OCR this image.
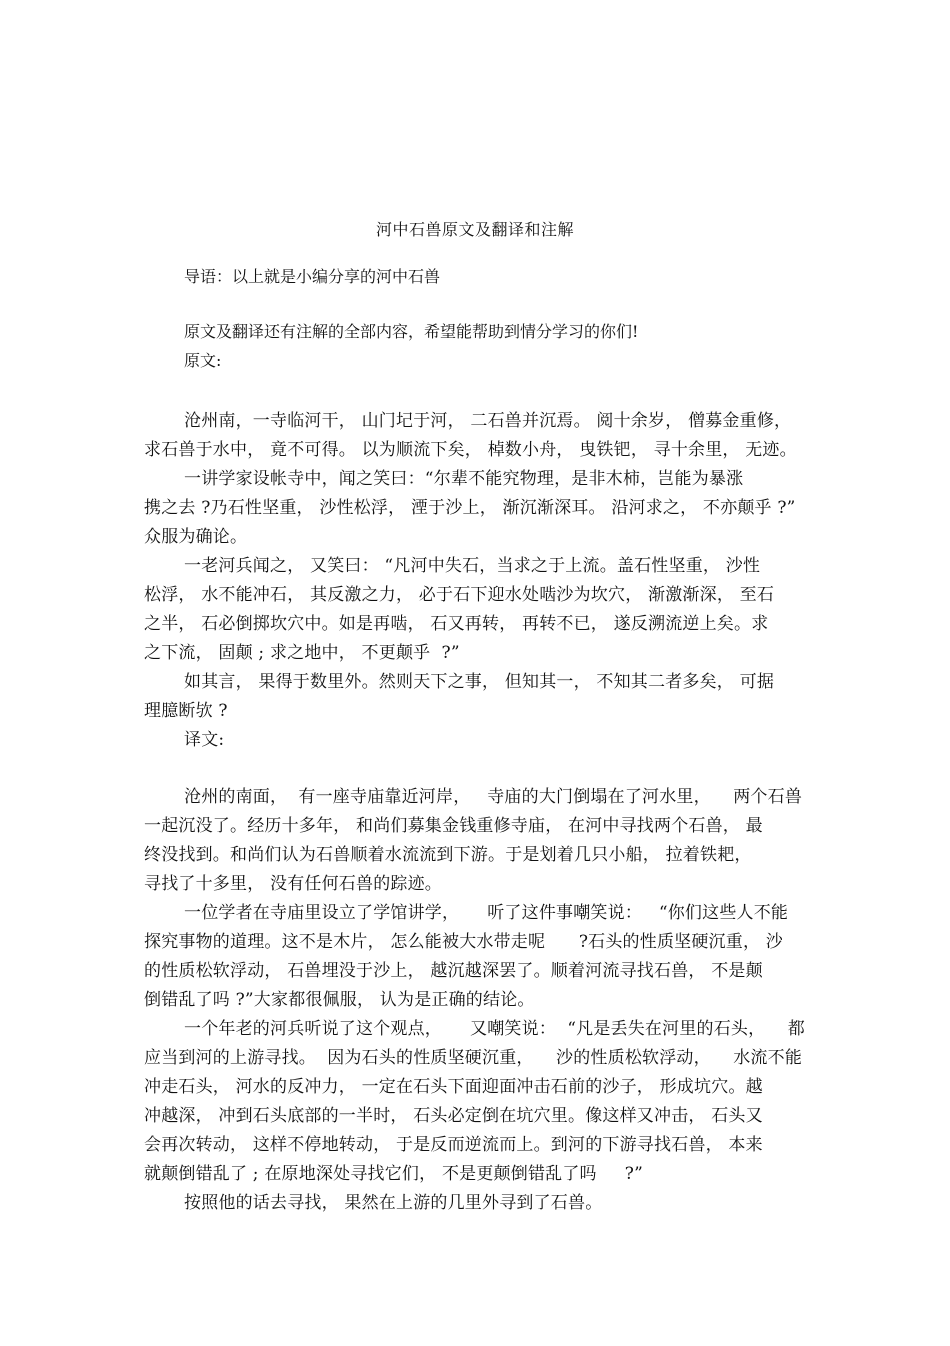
河中石兽原文及翻译和注解
导语：以上就是小编分享的河中石兽
原文及翻译还有注解的全部内容，希望能帮助到情分学习的你们!
原文:
沧州南，一寺临河干， 山门圮于河， 二石兽并沉焉。 阅十余岁， 僧募金重修，
求石兽于水中， 竟不可得。 以为顺流下矣， 棹数小舟， 曳铁钯， 寻十余里， 无迹。
一讲学家设帐寺中，闻之笑曰：“尔辈不能究物理，是非木柿，岂能为暴涨
携之去 ?乃石性坚重， 沙性松浮， 湮于沙上， 渐沉渐深耳。 沿河求之， 不亦颠乎 ?”
众服为确论。
一老河兵闻之， 又笑曰： “凡河中失石，当求之于上流。盖石性坚重， 沙性
松浮， 水不能冲石， 其反激之力， 必于石下迎水处啮沙为坎穴， 渐激渐深， 至石
之半， 石必倒掷坎穴中。如是再啮， 石又再转， 再转不已， 遂反溯流逆上矣。求
之下流， 固颠 ; 求之地中， 不更颠乎  ?”
如其言， 果得于数里外。然则天下之事， 但知其一， 不知其二者多矣， 可据
理臆断欤 ?
译文:
沧州的南面，  有一座寺庙靠近河岸，   寺庙的大门倒塌在了河水里，    两个石兽
一起沉没了。经历十多年， 和尚们募集金钱重修寺庙， 在河中寻找两个石兽， 最
终没找到。和尚们认为石兽顺着水流流到下游。于是划着几只小船， 拉着铁耙，
寻找了十多里， 没有任何石兽的踪迹。
一位学者在寺庙里设立了学馆讲学，     听了这件事嘲笑说：   “你们这些人不能
探究事物的道理。这不是木片， 怎么能被大水带走呢      ?石头的性质坚硬沉重， 沙
的性质松软浮动， 石兽埋没于沙上， 越沉越深罢了。顺着河流寻找石兽， 不是颠
倒错乱了吗 ?”大家都很佩服， 认为是正确的结论。
一个年老的河兵听说了这个观点，     又嘲笑说：  “凡是丢失在河里的石头，    都
应当到河的上游寻找。  因为石头的性质坚硬沉重，    沙的性质松软浮动，    水流不能
冲走石头， 河水的反冲力， 一定在石头下面迎面冲击石前的沙子， 形成坑穴。越
冲越深， 冲到石头底部的一半时， 石头必定倒在坑穴里。像这样又冲击， 石头又
会再次转动， 这样不停地转动， 于是反而逆流而上。到河的下游寻找石兽， 本来
就颠倒错乱了 ; 在原地深处寻找它们， 不是更颠倒错乱了吗     ?”
按照他的话去寻找， 果然在上游的几里外寻到了石兽。
